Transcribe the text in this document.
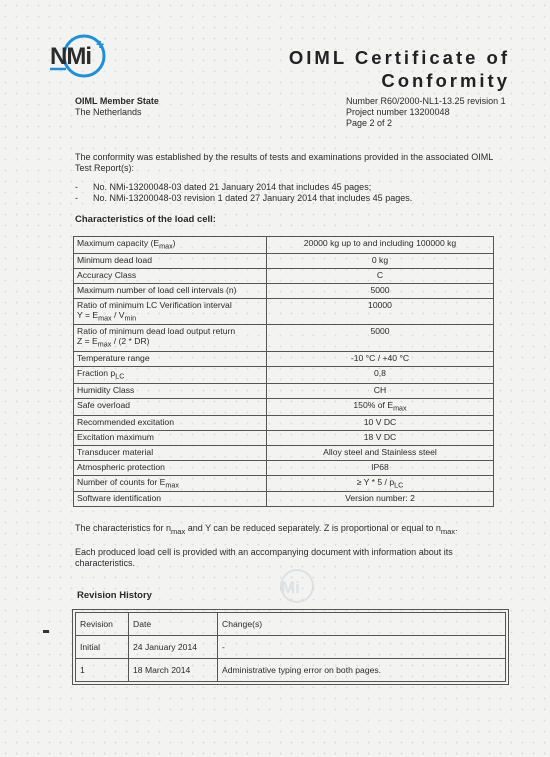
NMi +
OIML Certificate of
Conformity
OIML Member State
The Netherlands
Number R60/2000-NL1-13.25 revision 1
Project number 13200048
Page 2 of 2
The conformity was established by the results of tests and examinations provided in the associated OIML Test Report(s):
- No. NMi-13200048-03 dated 21 January 2014 that includes 45 pages;
- No. NMi-13200048-03 revision 1 dated 27 January 2014 that includes 45 pages.
Characteristics of the load cell:
Maximum capacity $(E_{max})$	20000 kg up to and including 100000 kg
Minimum dead load	0 kg
Accuracy Class	C
Maximum number of load cell intervals (n)	5000

Ratio of minimum LC Verification interval
$Y = E_{max} / V_{min}$	10000

Ratio of minimum dead load output return
$Z = E_{max} / (2 * DR)$	5000
Temperature range	-10 °C / +40 °C
Fraction $p_{LC}$	0,8
Humidity Class	CH
Safe overload	150% of $E_{max}$
Recommended excitation	10 V DC
Excitation maximum	18 V DC
Transducer material	Alloy steel and Stainless steel
Atmospheric protection	IP68
Number of counts for $E_{max}$	≥ Y * $5 / p_{LC}$
Software identification	Version number: 2
The characteristics for $n_{max}$ and Y can be reduced separately. Z is proportional or equal to $n_{max}$.
Each produced load cell is provided with an accompanying document with information about its characteristics.
Mi
Revision History
Revision	Date	Change(s)
Initial	24 January 2014	-
1	18 March 2014	Administrative typing error on both pages.
